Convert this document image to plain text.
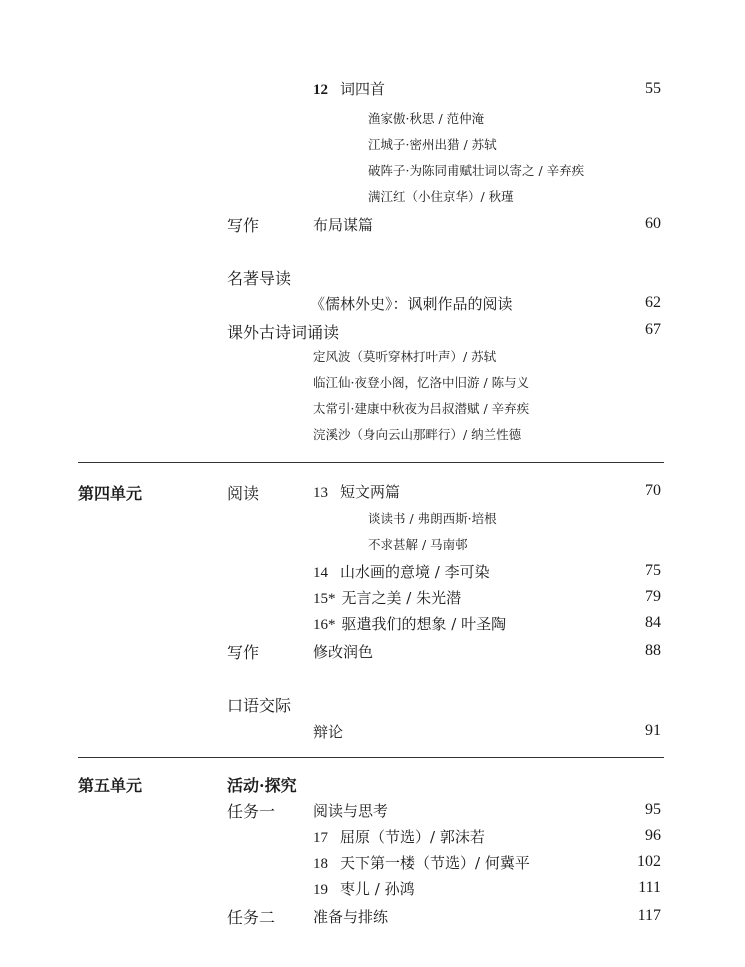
12 词四首	55
渔家傲·秋思 / 范仲淹
江城子·密州出猎 / 苏轼
破阵子·为陈同甫赋壮词以寄之 / 辛弃疾
满江红（小住京华）/ 秋瑾
写作	布局谋篇	60
名著导读
《儒林外史》：讽刺作品的阅读	62
课外古诗词诵读	67
定风波（莫听穿林打叶声）/ 苏轼
临江仙·夜登小阁，忆洛中旧游 / 陈与义
太常引·建康中秋夜为吕叔潜赋 / 辛弃疾
浣溪沙（身向云山那畔行）/ 纳兰性德
第四单元	阅读	13 短文两篇	70
谈读书 / 弗朗西斯·培根
不求甚解 / 马南邨
14 山水画的意境 / 李可染	75
15* 无言之美 / 朱光潜	79
16* 驱遣我们的想象 / 叶圣陶	84
写作	修改润色	88
口语交际
辩论	91
第五单元	活动·探究
任务一	阅读与思考	95
17 屈原（节选）/ 郭沫若	96
18 天下第一楼（节选）/ 何冀平	102
19 枣儿 / 孙鸿	111
任务二	准备与排练	117
